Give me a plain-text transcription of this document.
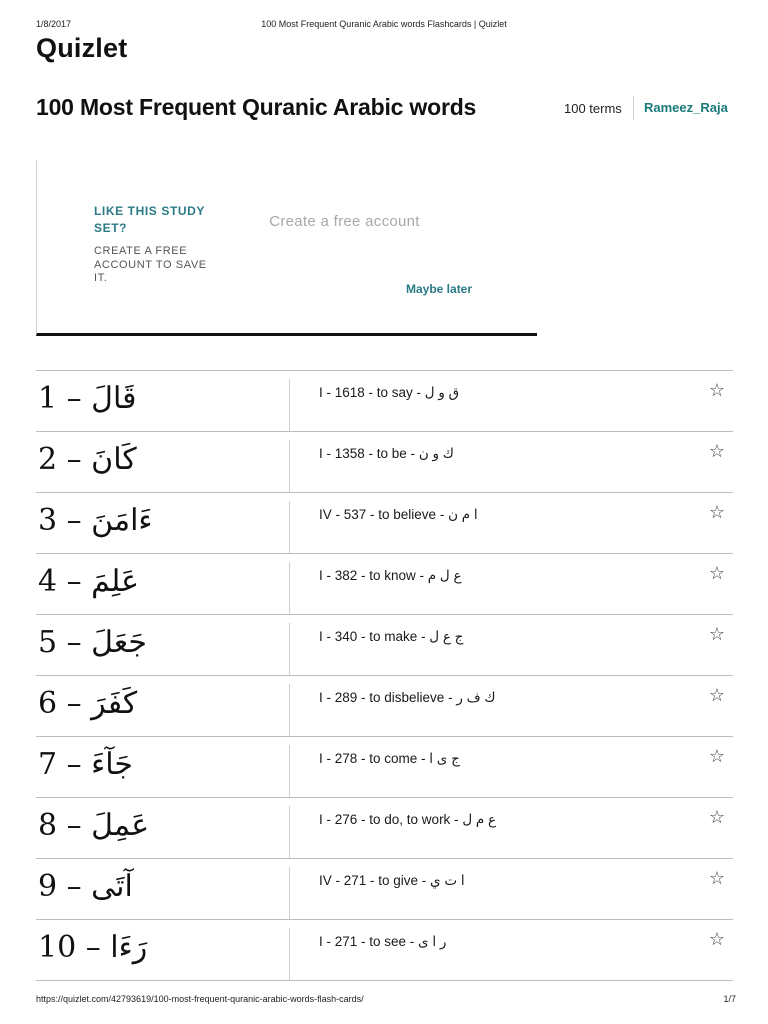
1/8/2017	100 Most Frequent Quranic Arabic words Flashcards | Quizlet
Quizlet
100 Most Frequent Quranic Arabic words	100 terms Rameez_Raja
LIKE THIS STUDY SET?
CREATE A FREE ACCOUNT TO SAVE IT.
Create a free account
Maybe later
1 – قَالَ	I - 1618 - to say - ق و ل	☆
2 – كَانَ	I - 1358 - to be - ك و ن	☆
3 – ءَامَنَ	IV - 537 - to believe - ا م ن	☆
4 – عَلِمَ	I - 382 - to know - ع ل م	☆
5 – جَعَلَ	I - 340 - to make - ج ع ل	☆
6 – كَفَرَ	I - 289 - to disbelieve - ك ف ر	☆
7 – جَآءَ	I - 278 - to come - ج ى ا	☆
8 – عَمِلَ	I - 276 - to do, to work - ع م ل	☆
9 – آتَى	IV - 271 - to give - ا ت ي	☆
10 – رَءَا	I - 271 - to see - ر ا ى	☆
https://quizlet.com/42793619/100-most-frequent-quranic-arabic-words-flash-cards/	1/7
